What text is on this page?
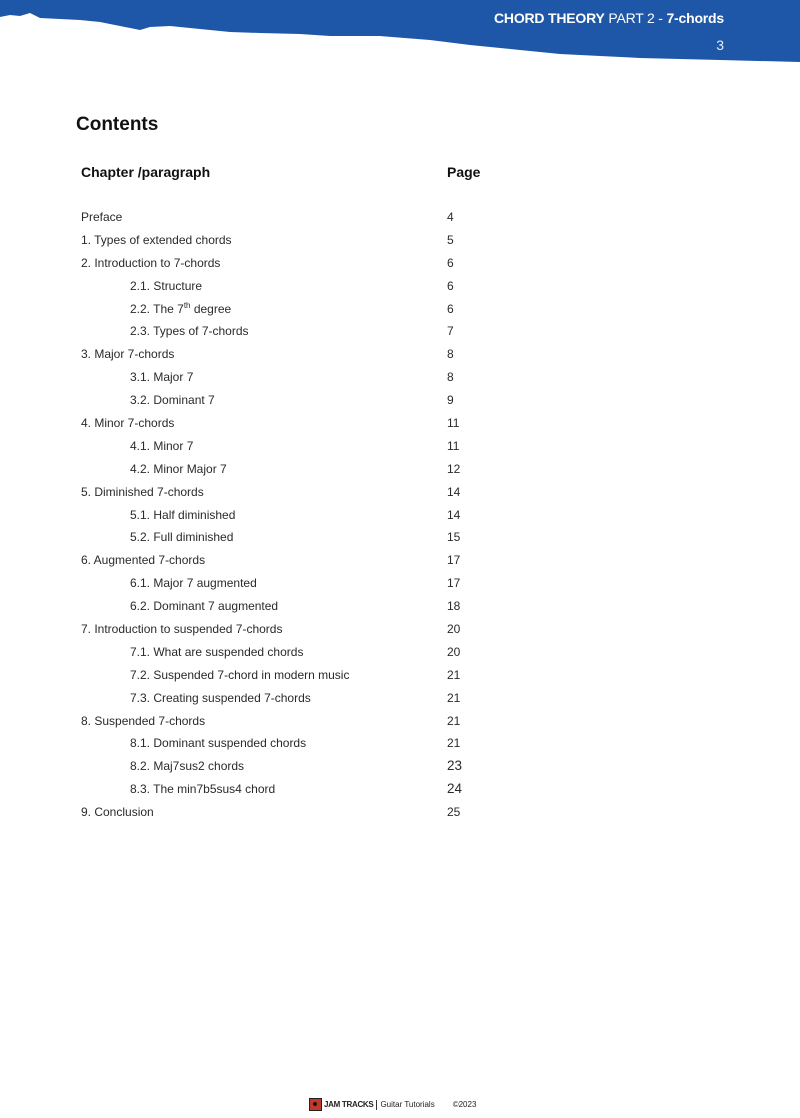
CHORD THEORY PART 2 - 7-chords
3
Contents
Chapter /paragraph	Page
Preface	4
1. Types of extended chords	5
2. Introduction to 7-chords	6
2.1. Structure	6
2.2. The 7th degree	6
2.3. Types of 7-chords	7
3. Major 7-chords	8
3.1. Major 7	8
3.2. Dominant 7	9
4. Minor 7-chords	11
4.1. Minor 7	11
4.2. Minor Major 7	12
5. Diminished 7-chords	14
5.1. Half diminished	14
5.2. Full diminished	15
6. Augmented 7-chords	17
6.1. Major 7 augmented	17
6.2. Dominant 7 augmented	18
7. Introduction to suspended 7-chords	20
7.1. What are suspended chords	20
7.2. Suspended 7-chord in modern music	21
7.3. Creating suspended 7-chords	21
8. Suspended 7-chords	21
8.1. Dominant suspended chords	21
8.2. Maj7sus2 chords	23
8.3. The min7b5sus4 chord	24
9. Conclusion	25
JAM TRACKS Guitar Tutorials ©2023
